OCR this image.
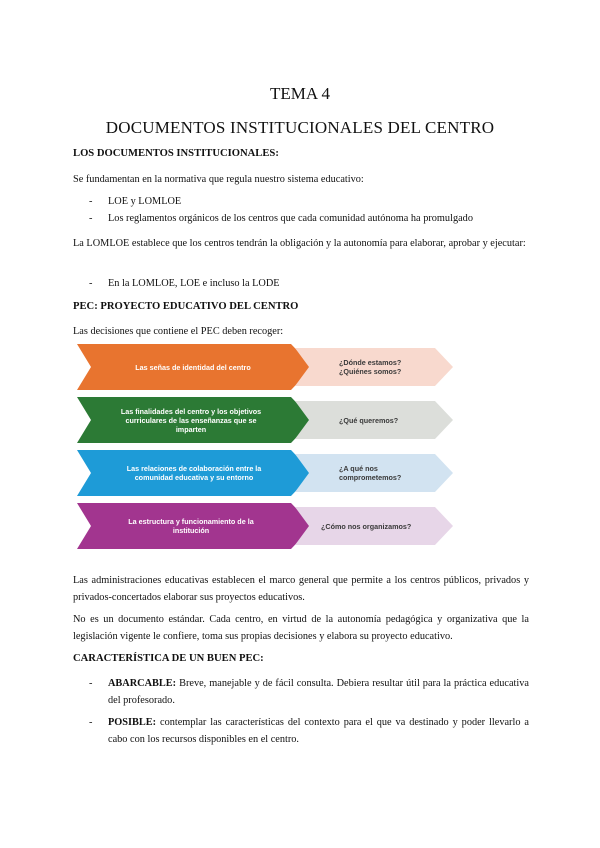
TEMA 4
DOCUMENTOS INSTITUCIONALES DEL CENTRO
LOS DOCUMENTOS INSTITUCIONALES:
Se fundamentan en la normativa que regula nuestro sistema educativo:
- LOE y LOMLOE
- Los reglamentos orgánicos de los centros que cada comunidad autónoma ha promulgado
La LOMLOE establece que los centros tendrán la obligación y la autonomía para elaborar, aprobar y ejecutar:
- En la LOMLOE, LOE e incluso la LODE
PEC: PROYECTO EDUCATIVO DEL CENTRO
Las decisiones que contiene el PEC deben recoger:
Las señas de identidad del centro	¿Dónde estamos?
¿Quiénes somos?
Las finalidades del centro y los objetivos curriculares de las enseñanzas que se imparten
¿Qué queremos?
Las relaciones de colaboración entre la comunidad educativa y su entorno
¿A qué nos comprometemos?
La estructura y funcionamiento de la institución	¿Cómo nos organizamos?
Las administraciones educativas establecen el marco general que permite a los centros públicos, privados y privados-concertados elaborar sus proyectos educativos.
No es un documento estándar. Cada centro, en virtud de la autonomía pedagógica y organizativa que la legislación vigente le confiere, toma sus propias decisiones y elabora su proyecto educativo.
CARACTERÍSTICA DE UN BUEN PEC:
- ABARCABLE: Breve, manejable y de fácil consulta. Debiera resultar útil para la práctica educativa del profesorado.
- POSIBLE: contemplar las características del contexto para el que va destinado y poder llevarlo a cabo con los recursos disponibles en el centro.
